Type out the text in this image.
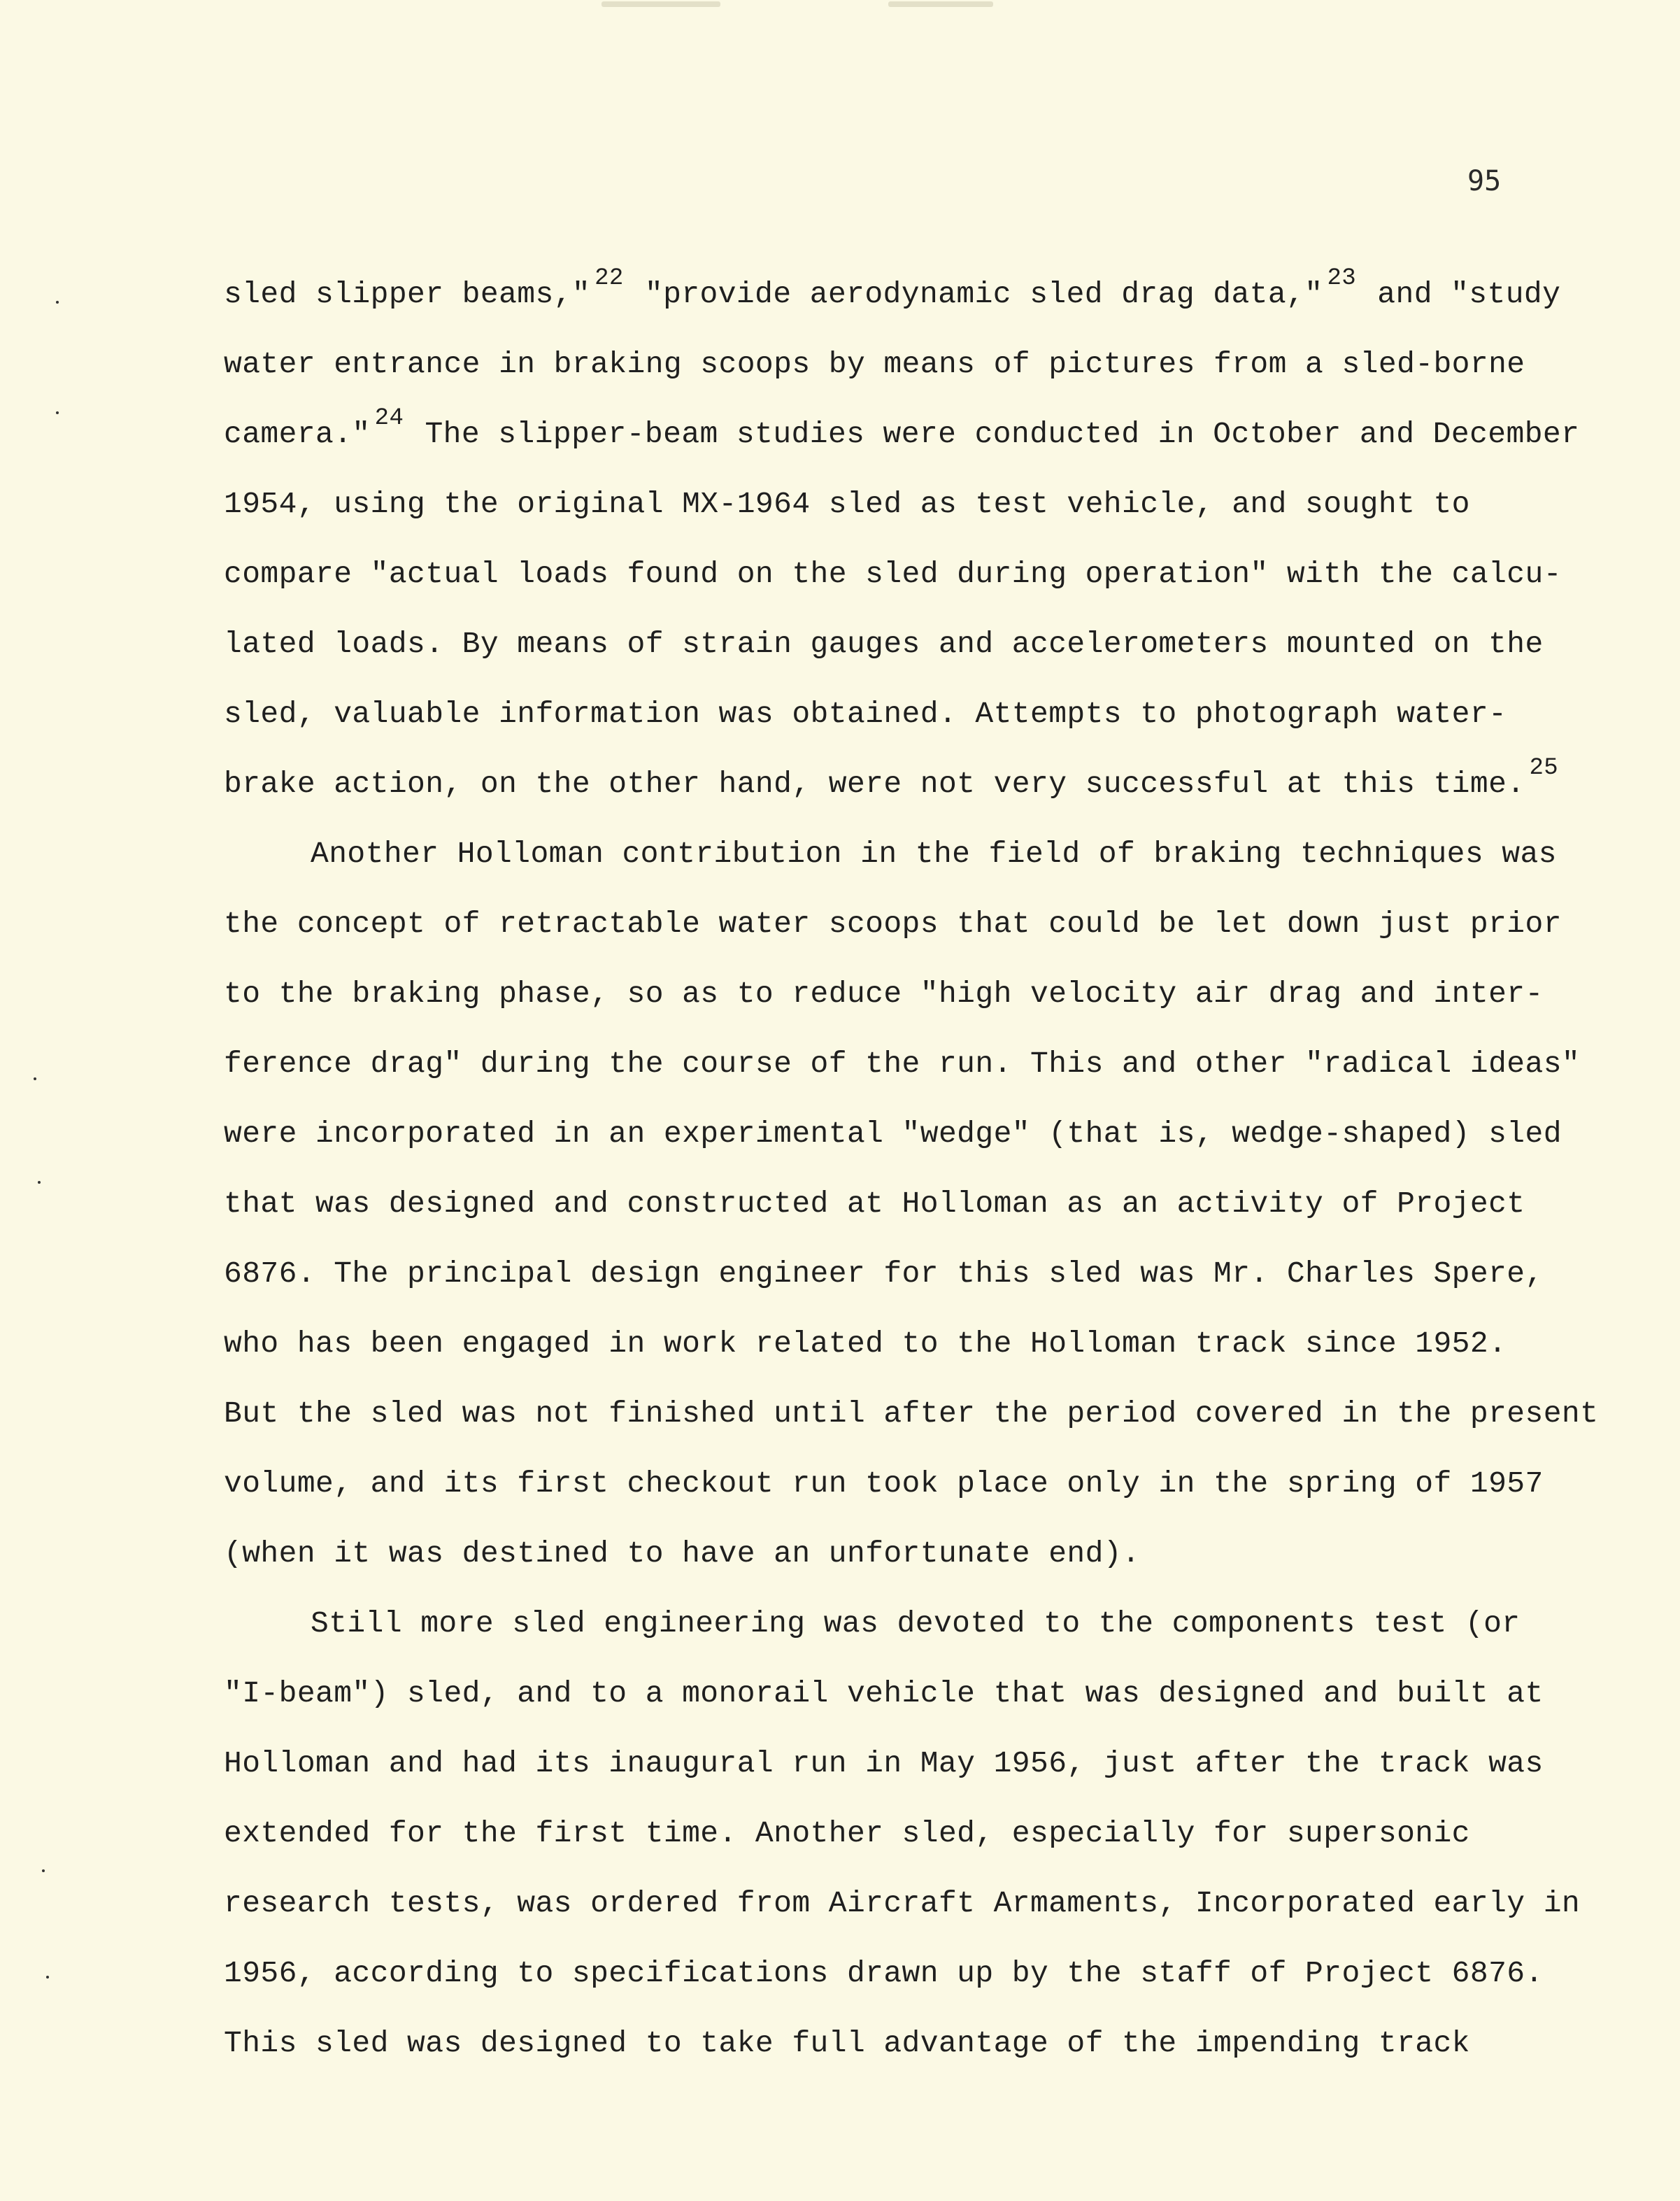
95
sled slipper beams," $^{22}$ "provide aerodynamic sled drag data," $^{23}$ and "study
water entrance in braking scoops by means of pictures from a sled-borne
camera." $^{24}$ The slipper-beam studies were conducted in October and December
1954, using the original MX-1964 sled as test vehicle, and sought to
compare "actual loads found on the sled during operation" with the calcu-
lated loads. By means of strain gauges and accelerometers mounted on the
sled, valuable information was obtained. Attempts to photograph water-
brake action, on the other hand, were not very successful at this time. $^{25}$
Another Holloman contribution in the field of braking techniques was
the concept of retractable water scoops that could be let down just prior
to the braking phase, so as to reduce "high velocity air drag and inter-
ference drag" during the course of the run. This and other "radical ideas"
were incorporated in an experimental "wedge" (that is, wedge-shaped) sled
that was designed and constructed at Holloman as an activity of Project
6876. The principal design engineer for this sled was Mr. Charles Spere,
who has been engaged in work related to the Holloman track since 1952.
But the sled was not finished until after the period covered in the present
volume, and its first checkout run took place only in the spring of 1957
(when it was destined to have an unfortunate end).
Still more sled engineering was devoted to the components test (or
"I-beam") sled, and to a monorail vehicle that was designed and built at
Holloman and had its inaugural run in May 1956, just after the track was
extended for the first time. Another sled, especially for supersonic
research tests, was ordered from Aircraft Armaments, Incorporated early in
1956, according to specifications drawn up by the staff of Project 6876.
This sled was designed to take full advantage of the impending track
